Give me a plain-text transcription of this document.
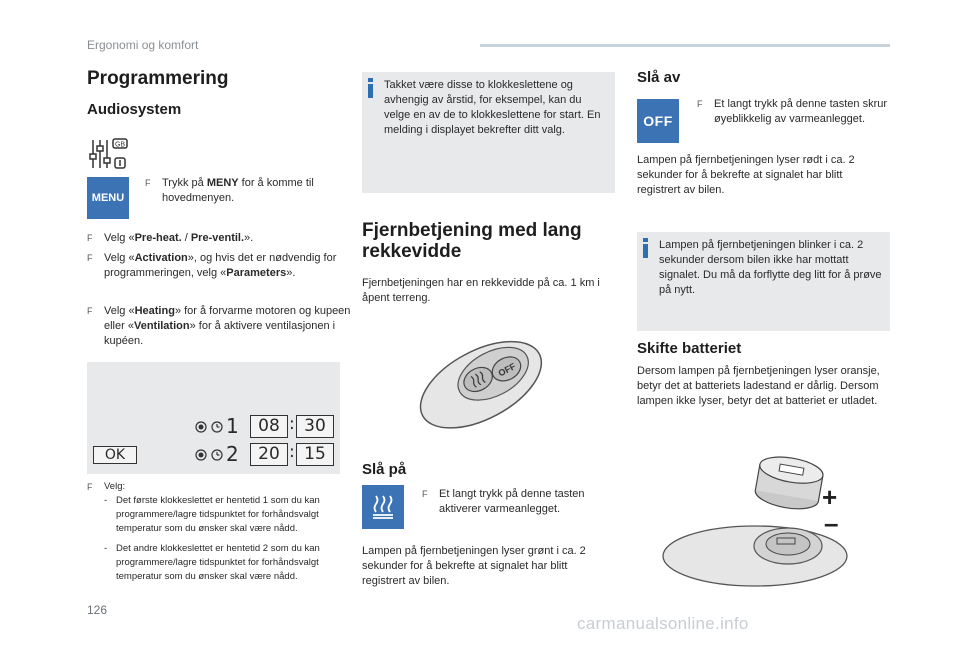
Ergonomi og komfort
Programmering
Audiosystem
GB
MENU
F Trykk på MENY for å komme til hovedmenyen.
F Velg «Pre-heat. / Pre-ventil.».
F Velg «Activation», og hvis det er nødvendig for programmeringen, velg «Parameters».
F Velg «Heating» for å forvarme motoren og kupeen eller «Ventilation» for å aktivere ventilasjonen i kupéen.
OK
1	08 : 30
2	20 : 15
F Velg:
- Det første klokkeslettet er hentetid 1 som du kan programmere/lagre tidspunktet for forhåndsvalgt temperatur som du ønsker skal være nådd.
- Det andre klokkeslettet er hentetid 2 som du kan programmere/lagre tidspunktet for forhåndsvalgt temperatur som du ønsker skal være nådd.
Takket være disse to klokkeslettene og avhengig av årstid, for eksempel, kan du velge en av de to klokkeslettene for start. En melding i displayet bekrefter ditt valg.
Fjernbetjening med lang rekkevidde
Fjernbetjeningen har en rekkevidde på ca. 1 km i åpent terreng.
OFF
Slå på
F Et langt trykk på denne tasten aktiverer varmeanlegget.
Lampen på fjernbetjeningen lyser grønt i ca. 2 sekunder for å bekrefte at signalet har blitt registrert av bilen.
Slå av
OFF
F Et langt trykk på denne tasten skrur øyeblikkelig av varmeanlegget.
Lampen på fjernbetjeningen lyser rødt i ca. 2 sekunder for å bekrefte at signalet har blitt registrert av bilen.
Lampen på fjernbetjeningen blinker i ca. 2 sekunder dersom bilen ikke har mottatt signalet. Du må da forflytte deg litt for å prøve på nytt.
Skifte batteriet
Dersom lampen på fjernbetjeningen lyser oransje, betyr det at batteriets ladestand er dårlig. Dersom lampen ikke lyser, betyr det at batteriet er utladet.
+
–
126
carmanualsonline.info
